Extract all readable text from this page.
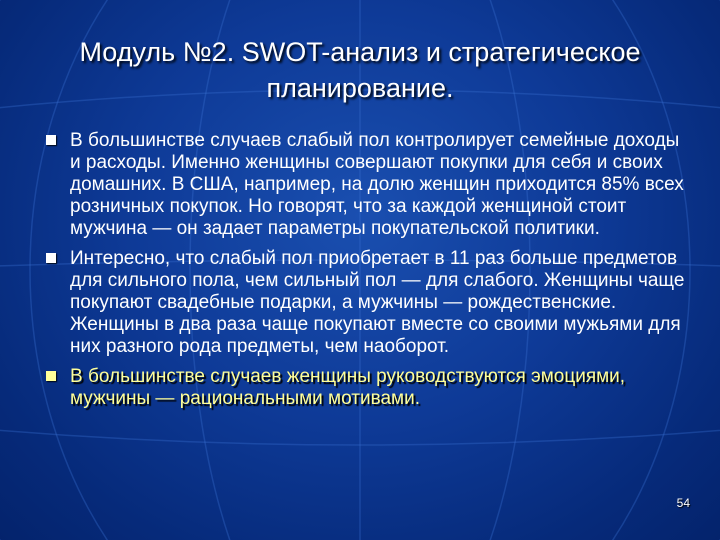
Модуль №2. SWOT-анализ и стратегическое
планирование.
В большинстве случаев слабый пол контролирует семейные доходы и расходы. Именно женщины совершают покупки для себя и своих домашних. В США, например, на долю женщин приходится 85% всех розничных покупок. Но говорят, что за каждой женщиной стоит мужчина — он задает параметры покупательской политики.
Интересно, что слабый пол приобретает в 11 раз больше предметов для сильного пола, чем сильный пол — для слабого. Женщины чаще покупают свадебные подарки, а мужчины — рождественские. Женщины в два раза чаще покупают вместе со своими мужьями для них разного рода предметы, чем наоборот.
В большинстве случаев женщины руководствуются эмоциями, мужчины — рациональными мотивами.
54
